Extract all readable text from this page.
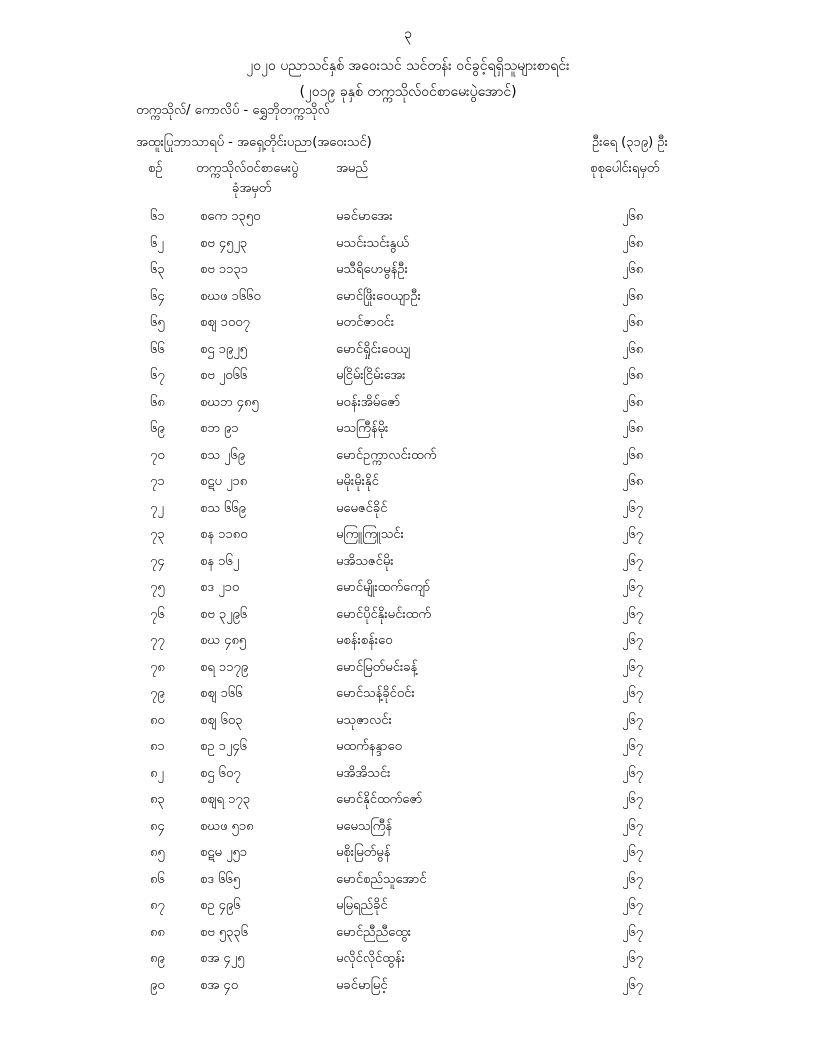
၃
၂၀၂၀ ပညာသင်နှစ် အဝေးသင် သင်တန်း ဝင်ခွင့်ရရှိသူများစာရင်း
(၂၀၁၉ ခုနှစ် တက္ကသိုလ်ဝင်စာမေးပွဲအောင်)
တက္ကသိုလ်/ ကောလိပ် - ရွှေဘိုတက္ကသိုလ်
အထူးပြုဘာသာရပ် - အရှေ့တိုင်းပညာ(အဝေးသင်)	ဦးရေ (၃၁၉) ဦး
စဉ်	တက္ကသိုလ်ဝင်စာမေးပွဲ
ခုံအမှတ်
အမည်	စုစုပေါင်းရမှတ်
၆၁	စကေ ၁၃၅၀	မခင်မာအေး	၂၆၈
၆၂	စဗ ၄၅၂၃	မသင်းသင်းနွယ်	၂၆၈
၆၃	စဗ ၁၁၃၁	မသီရိဟေမွန်ဦး	၂၆၈
၆၄	စဃဖ ၁၆၆၀	မောင်ဖြိုးဝေယျာဦး	၂၆၈
၆၅	စဈ ၁၀၀၇	မတင်ဇာဝင်း	၂၆၈
၆၆	စဌ ၁၉၂၅	မောင်ရှိုင်းဝေယျ	၂၆၈
၆၇	စဗ ၂၀၆၆	မငြိမ်းငြိမ်းအေး	၂၆၈
၆၈	စဃဘ ၄၈၅	မဝန်းအိမ်ဇော်	၂၆၈
၆၉	စဘ ၉၁	မသကြီန်မိုး	၂၆၈
၇၀	စသ ၂၆၉	မောင်ဥက္ကာလင်းထက်	၂၆၈
၇၁	စဋပ ၂၁၈	မမိုးမိုးနိုင်	၂၆၈
၇၂	စသ ၆၆၉	မမေဇင်ခိုင်	၂၆၇
၇၃	စန ၁၁၈၀	မကြူကြူသင်း	၂၆၇
၇၄	စန ၁၆၂	မအိသဇင်မိုး	၂၆၇
၇၅	စဒ ၂၁၀	မောင်မျိုးထက်ကျော်	၂၆၇
၇၆	စဗ ၃၂၉၆	မောင်ပိုင်နိုးမင်းထက်	၂၆၇
၇၇	စဃ ၄၈၅	မစန်းစန်းဝေ	၂၆၇
၇၈	စရ ၁၁၇၉	မောင်မြတ်မင်းခန့်	၂၆၇
၇၉	စဈ ၁၆၆	မောင်သန့်ခိုင်ဝင်း	၂၆၇
၈၀	စဈ ၆၀၃	မသုဇာလင်း	၂၆၇
၈၁	စဥ ၁၂၄၆	မထက်နန္ဒာဝေ	၂၆၇
၈၂	စဌ ၆၀၇	မအိအိသင်း	၂၆၇
၈၃	စဈရ ၁၇၃	မောင်နိုင်ထက်ဇော်	၂၆၇
၈၄	စဃဖ ၅၁၈	မမေသကြီန်	၂၆၇
၈၅	စဋမ ၂၅၁	မစိုးမြတ်မွန်	၂၆၇
၈၆	စဒ ၆၆၅	မောင်စည်သူအောင်	၂၆၇
၈၇	စဥ ၄၉၆	မမြရည်ခိုင်	၂၆၇
၈၈	စဗ ၅၃၃၆	မောင်ညီညီထွေး	၂၆၇
၈၉	စအ ၄၂၅	မလိုင်လိုင်ထွန်း	၂၆၇
၉၀	စအ ၄၀	မခင်မာမြင့်	၂၆၇
